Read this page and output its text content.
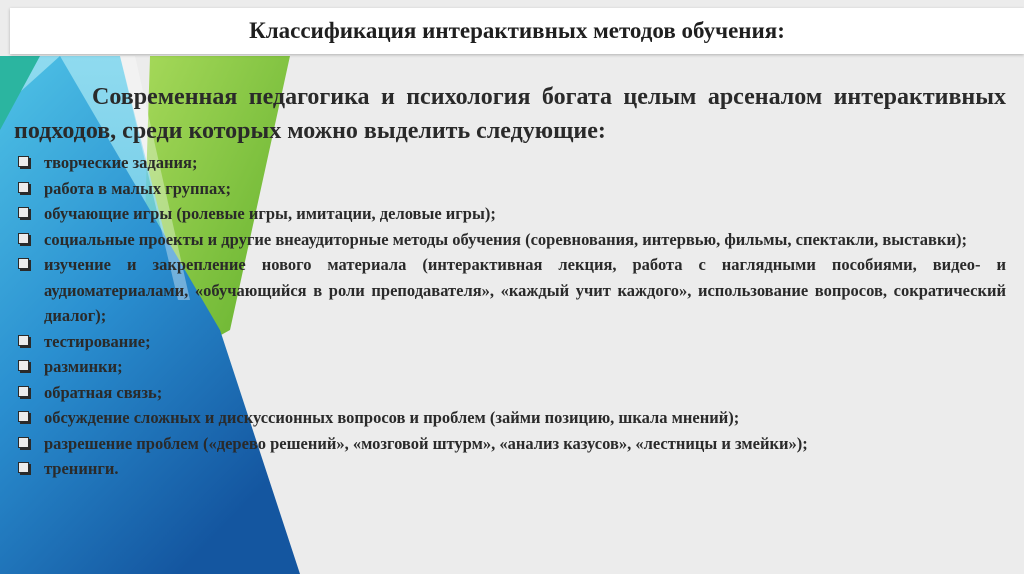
Классификация интерактивных методов обучения:

Современная педагогика и психология богата целым арсеналом интерактивных подходов, среди которых можно выделить следующие:

творческие задания;
работа в малых группах;
обучающие игры (ролевые игры, имитации, деловые игры);
социальные проекты и другие внеаудиторные методы обучения (соревнования, интервью, фильмы, спектакли, выставки);
изучение и закрепление нового материала (интерактивная лекция, работа с наглядными пособиями, видео- и аудиоматериалами, «обучающийся в роли преподавателя», «каждый учит каждого», использование вопросов, сократический диалог);
тестирование;
разминки;
обратная связь;
обсуждение сложных и дискуссионных вопросов и проблем (займи позицию, шкала мнений);
разрешение проблем («дерево решений», «мозговой штурм», «анализ казусов», «лестницы и змейки»);
тренинги.
